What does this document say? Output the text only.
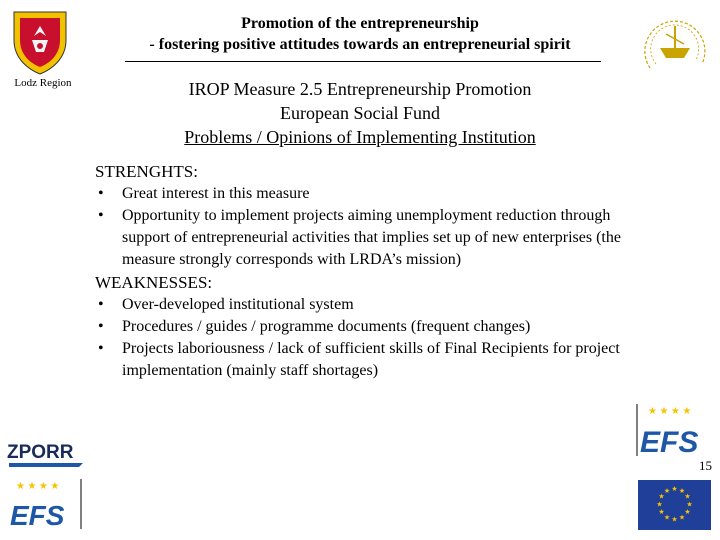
Lodz Region
Promotion of the entrepreneurship
- fostering positive attitudes towards an entrepreneurial spirit
IROP Measure 2.5 Entrepreneurship Promotion
European Social Fund
Problems / Opinions of Implementing Institution
STRENGHTS:
• Great interest in this measure
• Opportunity to implement projects aiming unemployment reduction through support of entrepreneurial activities that implies set up of new enterprises (the measure strongly corresponds with LRDA’s mission)
WEAKNESSES:
• Over-developed institutional system
• Procedures / guides / programme documents (frequent changes)
• Projects laboriousness / lack of sufficient skills of Final Recipients for project implementation (mainly staff shortages)
ZPORR
★ ★ ★ ★
EFS
★ ★ ★ ★
EFS
15
★ ★
★
★
★
★
★
★
★
★
★
★
